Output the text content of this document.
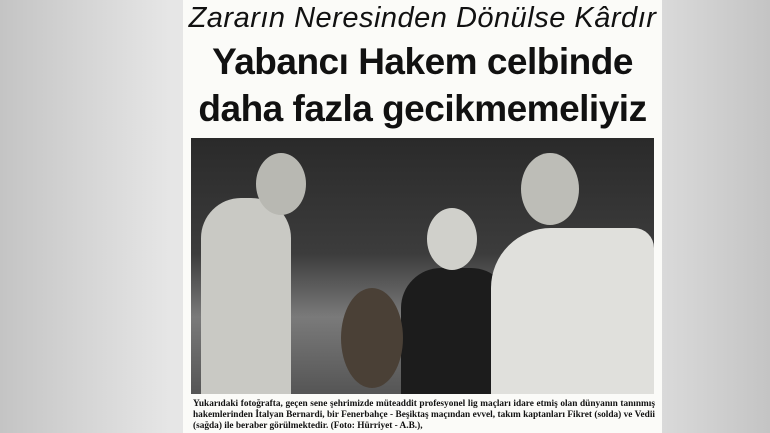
Zararın Neresinden Dönülse Kârdır
Yabancı Hakem celbinde
daha fazla gecikmemeliyiz
Yukarıdaki fotoğrafta, geçen sene şehrimizde müteaddit profesyonel lig maçları idare etmiş olan dünyanın tanınmış hakemlerinden İtalyan Bernardi, bir Fenerbahçe - Beşiktaş maçından evvel, takım kaptanları Fikret (solda) ve Vedii (sağda) ile beraber görülmektedir. (Foto: Hürriyet - A.B.),
